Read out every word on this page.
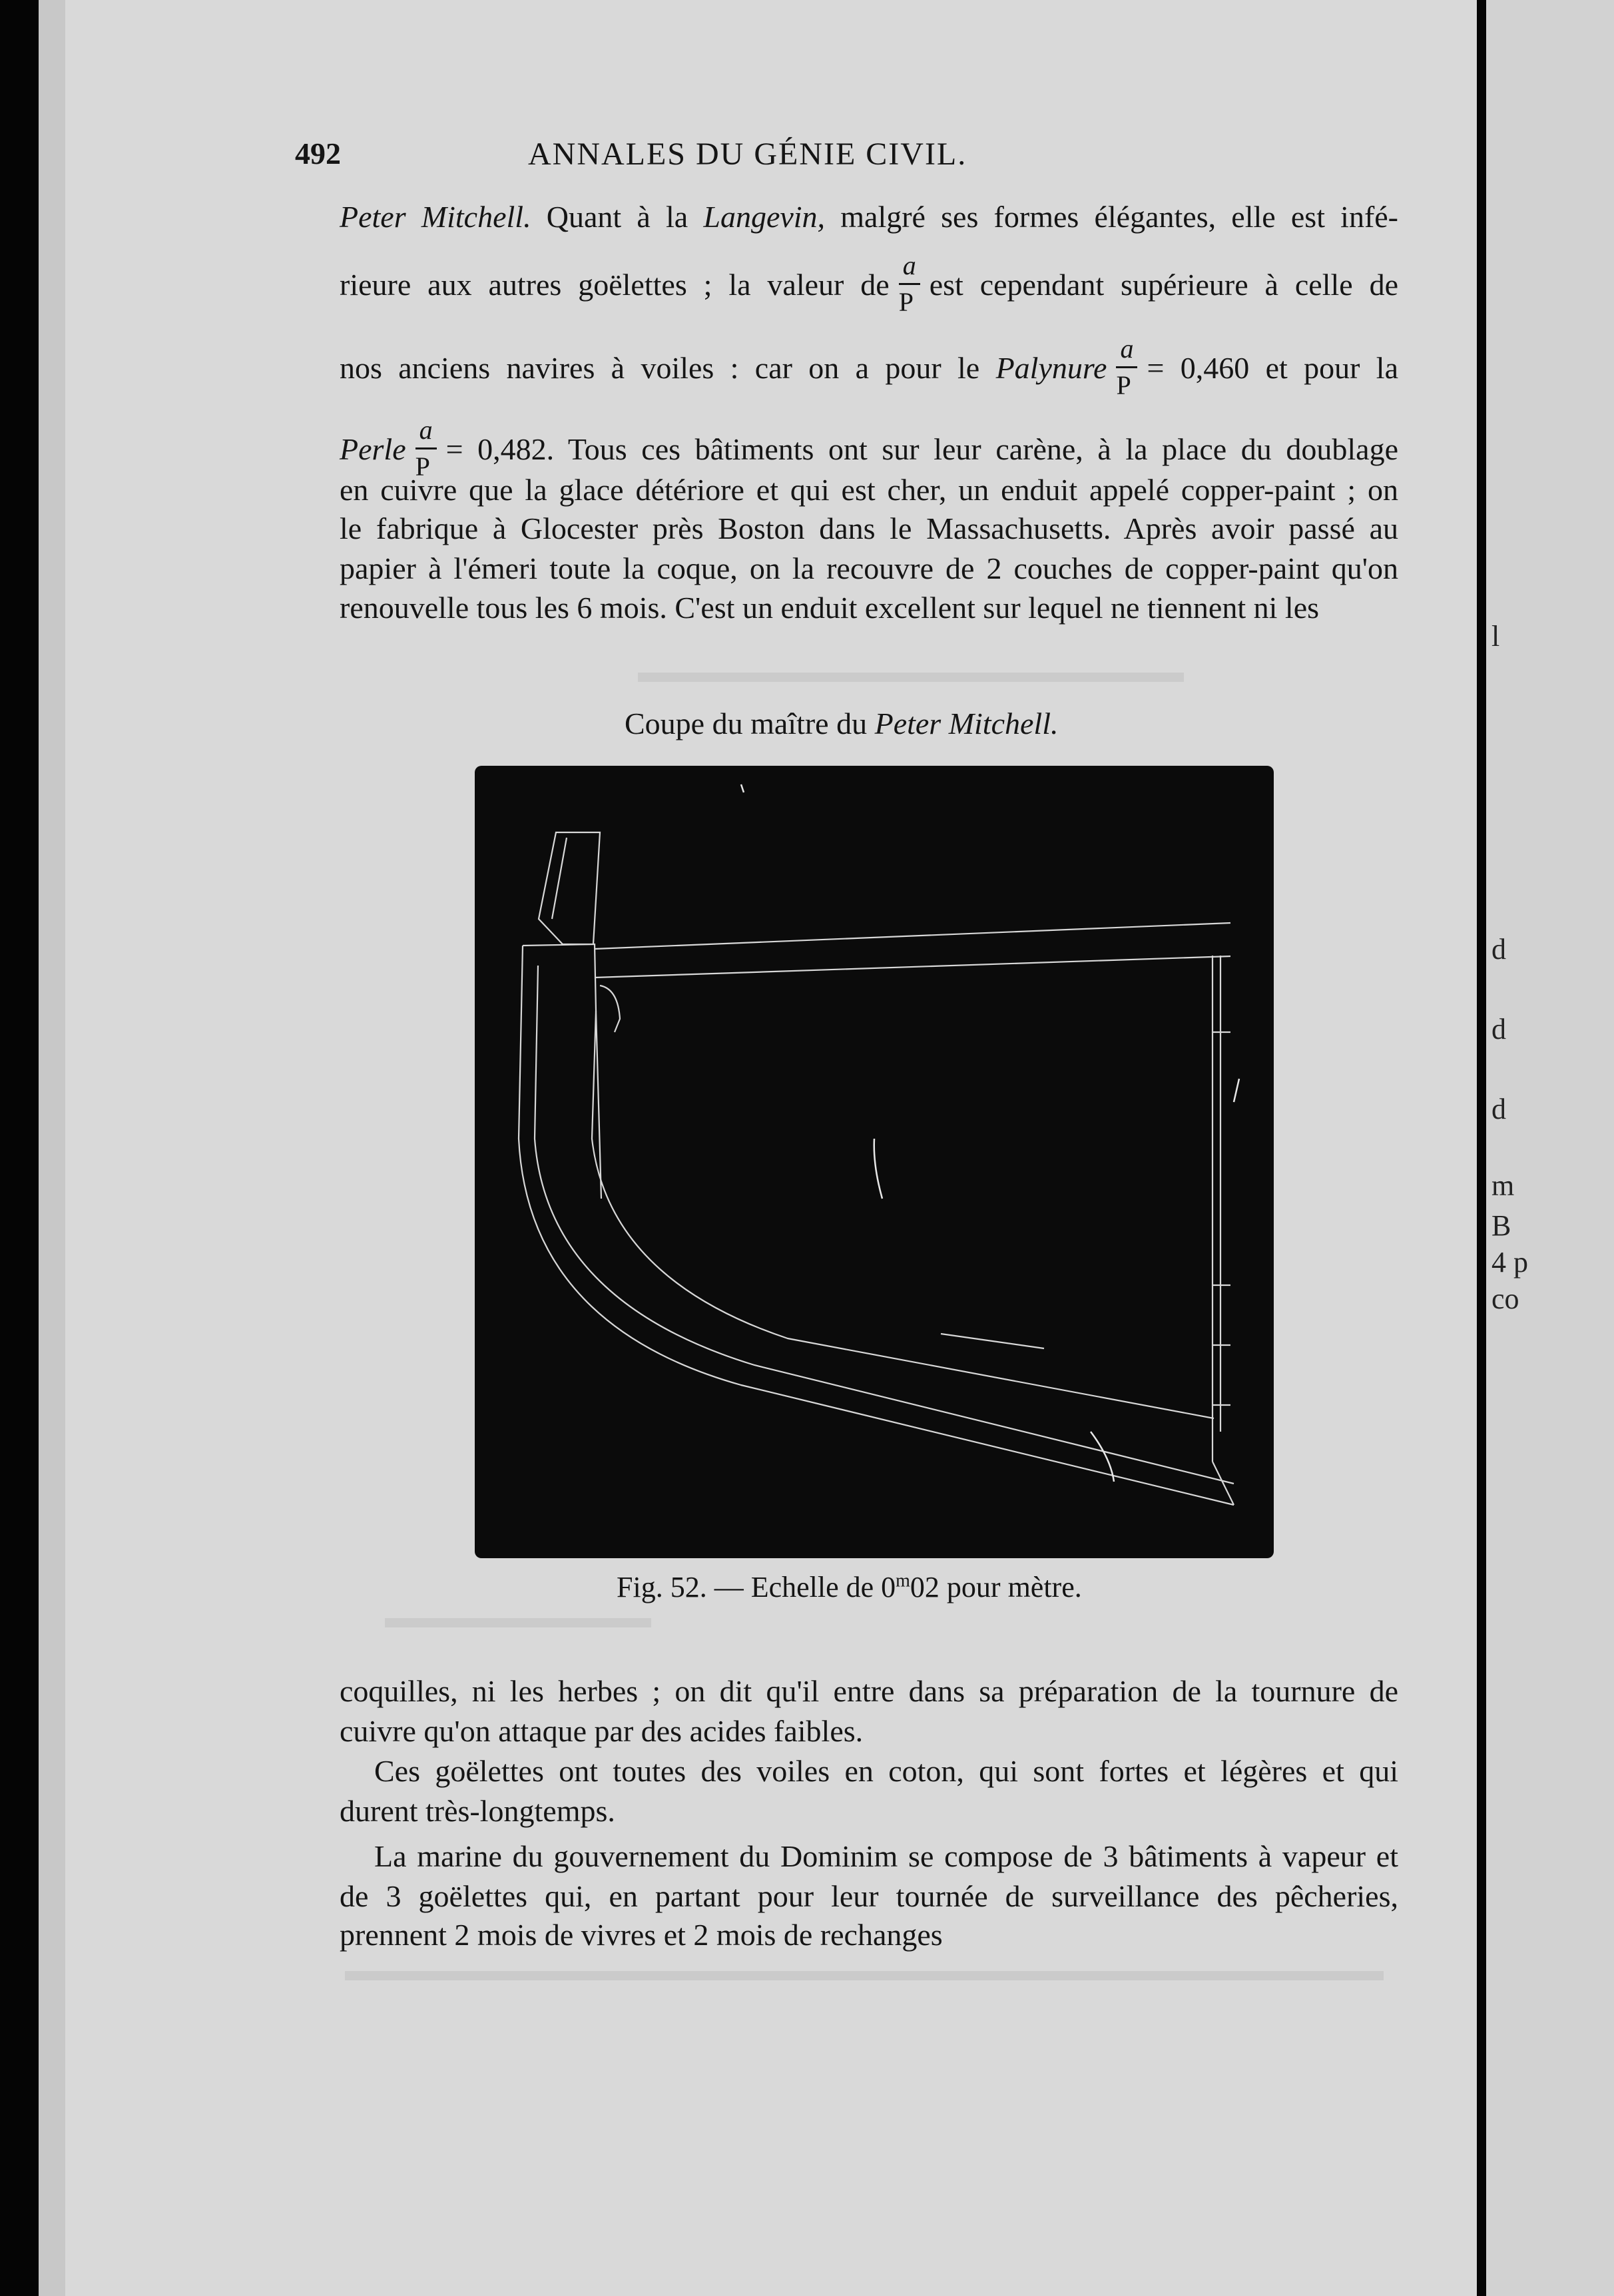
492	ANNALES DU GÉNIE CIVIL.
Peter Mitchell. Quant à la Langevin, malgré ses formes élégantes, elle est infé-
rieure aux autres goëlettes ; la valeur de $\frac{a}{P}$ est cependant supérieure à celle de
nos anciens navires à voiles : car on a pour le Palynure $\frac{a}{P} = 0,460$ et pour la
Perle $\frac{a}{P} = 0,482$. Tous ces bâtiments ont sur leur carène, à la place du doublage
en cuivre que la glace détériore et qui est cher, un enduit appelé copper-paint ; on
le fabrique à Glocester près Boston dans le Massachusetts. Après avoir passé au
papier à l'émeri toute la coque, on la recouvre de 2 couches de copper-paint qu'on
renouvelle tous les 6 mois. C'est un enduit excellent sur lequel ne tiennent ni les
Coupe du maître du Peter Mitchell.
Fig. 52. — Echelle de 0$^m$02 pour mètre.
coquilles, ni les herbes ; on dit qu'il entre dans sa préparation de la tournure de
cuivre qu'on attaque par des acides faibles.
Ces goëlettes ont toutes des voiles en coton, qui sont fortes et légères et qui
durent très-longtemps.
La marine du gouvernement du Dominim se compose de 3 bâtiments à vapeur et
de 3 goëlettes qui, en partant pour leur tournée de surveillance des pêcheries,
prennent 2 mois de vivres et 2 mois de rechanges
l
d
d
d
m
B
4 p
co
